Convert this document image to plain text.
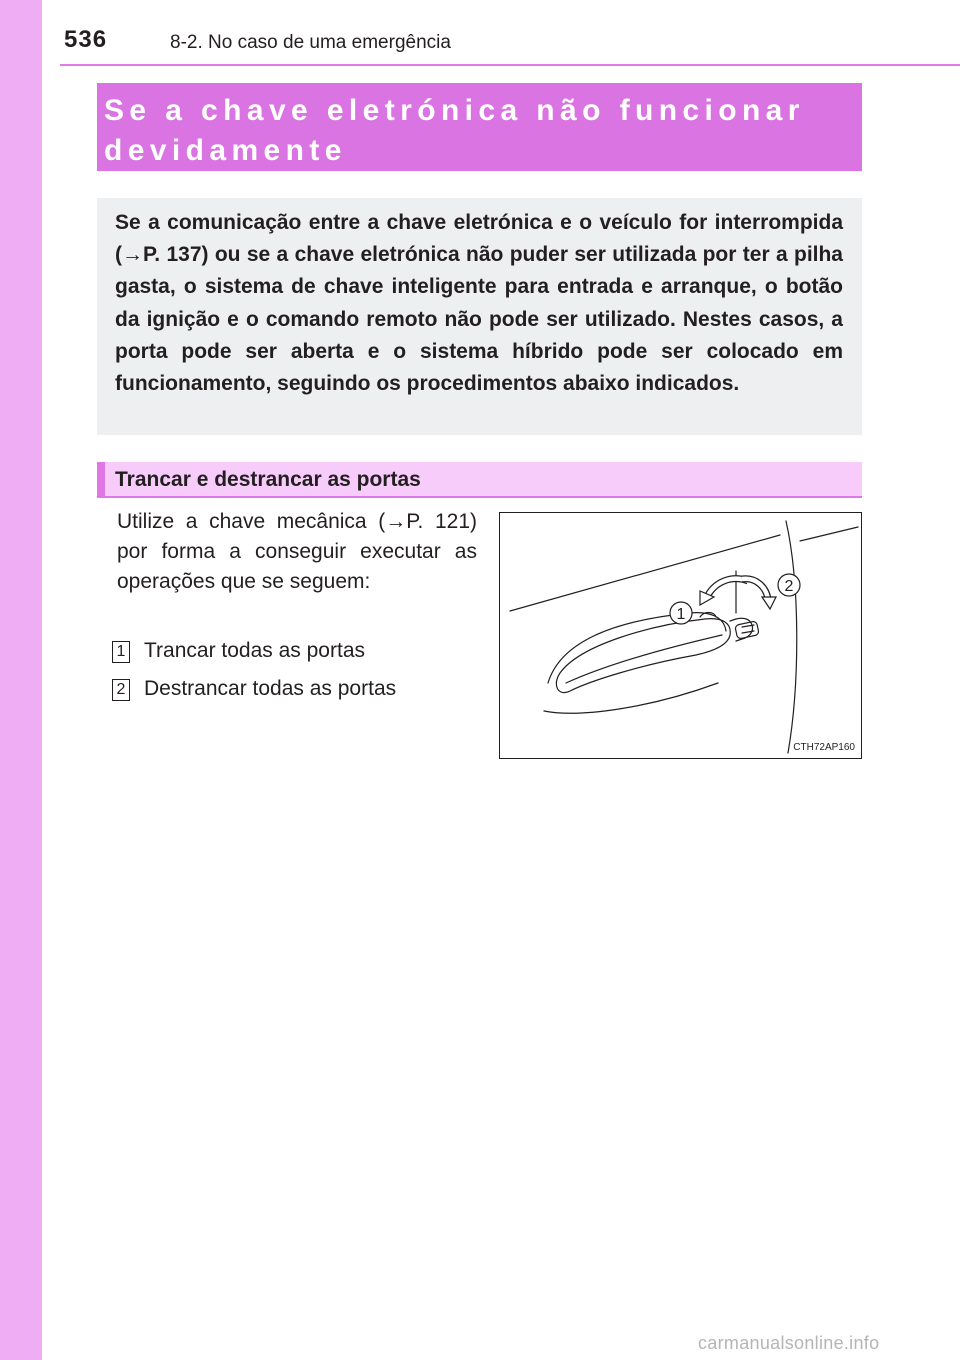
536	8-2. No caso de uma emergência
Se a chave eletrónica não funcionar
devidamente
Se a comunicação entre a chave eletrónica e o veículo for interrompida (→P. 137) ou se a chave eletrónica não puder ser utilizada por ter a pilha gasta, o sistema de chave inteligente para entrada e arranque, o botão da ignição e o comando remoto não pode ser utilizado. Nestes casos, a porta pode ser aberta e o sistema híbrido pode ser colocado em funcionamento, seguindo os procedimentos abaixo indicados.
Trancar e destrancar as portas
Utilize a chave mecânica (→P. 121) por forma a conseguir executar as operações que se seguem:
1 Trancar todas as portas
2 Destrancar todas as portas
1
2
CTH72AP160
carmanualsonline.info
